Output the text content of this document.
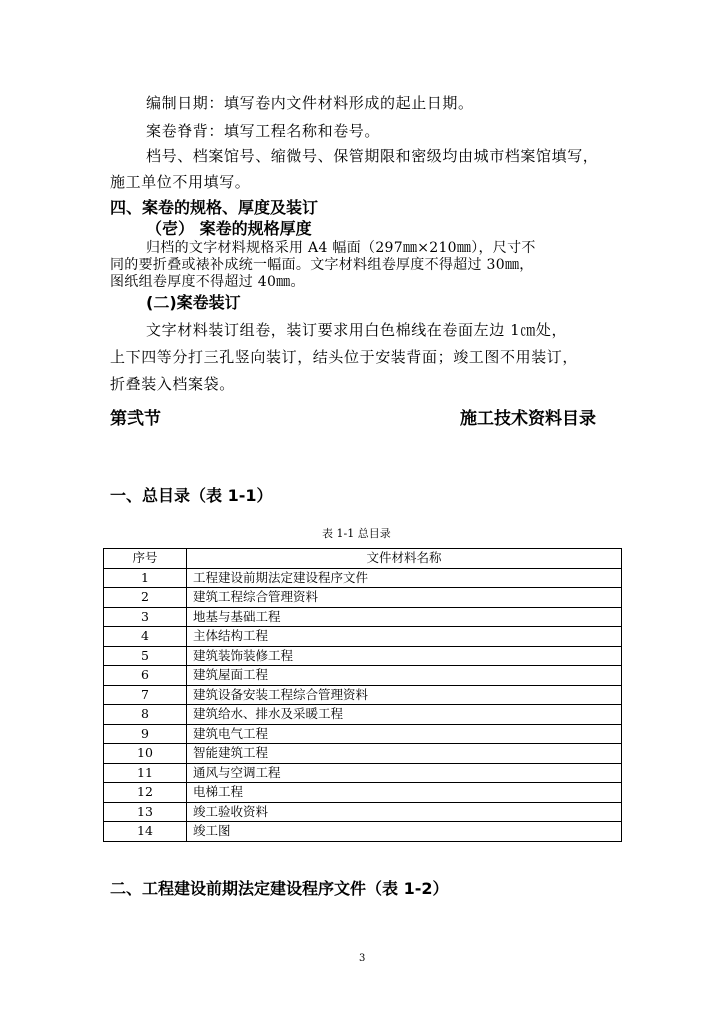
编制日期：填写卷内文件材料形成的起止日期。
案卷脊背：填写工程名称和卷号。
档号、档案馆号、缩微号、保管期限和密级均由城市档案馆填写，
施工单位不用填写。
四、案卷的规格、厚度及装订
（壱） 案卷的规格厚度
归档的文字材料规格采用 A4 幅面（297㎜×210㎜），尺寸不
同的要折叠或裱补成统一幅面。文字材料组卷厚度不得超过 30㎜，
图纸组卷厚度不得超过 40㎜。
(二)案卷装订
文字材料装订组卷，装订要求用白色棉线在卷面左边 1㎝处，
上下四等分打三孔竖向装订，结头位于安装背面；竣工图不用装订，
折叠装入档案袋。
第弐节	施工技术资料目录
一、总目录（表 1-1）
表 1-1 总目录
序号	文件材料名称
1	工程建设前期法定建设程序文件
2	建筑工程综合管理资料
3	地基与基础工程
4	主体结构工程
5	建筑装饰装修工程
6	建筑屋面工程
7	建筑设备安装工程综合管理资料
8	建筑给水、排水及采暖工程
9	建筑电气工程
10	智能建筑工程
11	通风与空调工程
12	电梯工程
13	竣工验收资料
14	竣工图
二、工程建设前期法定建设程序文件（表 1-2）
3
